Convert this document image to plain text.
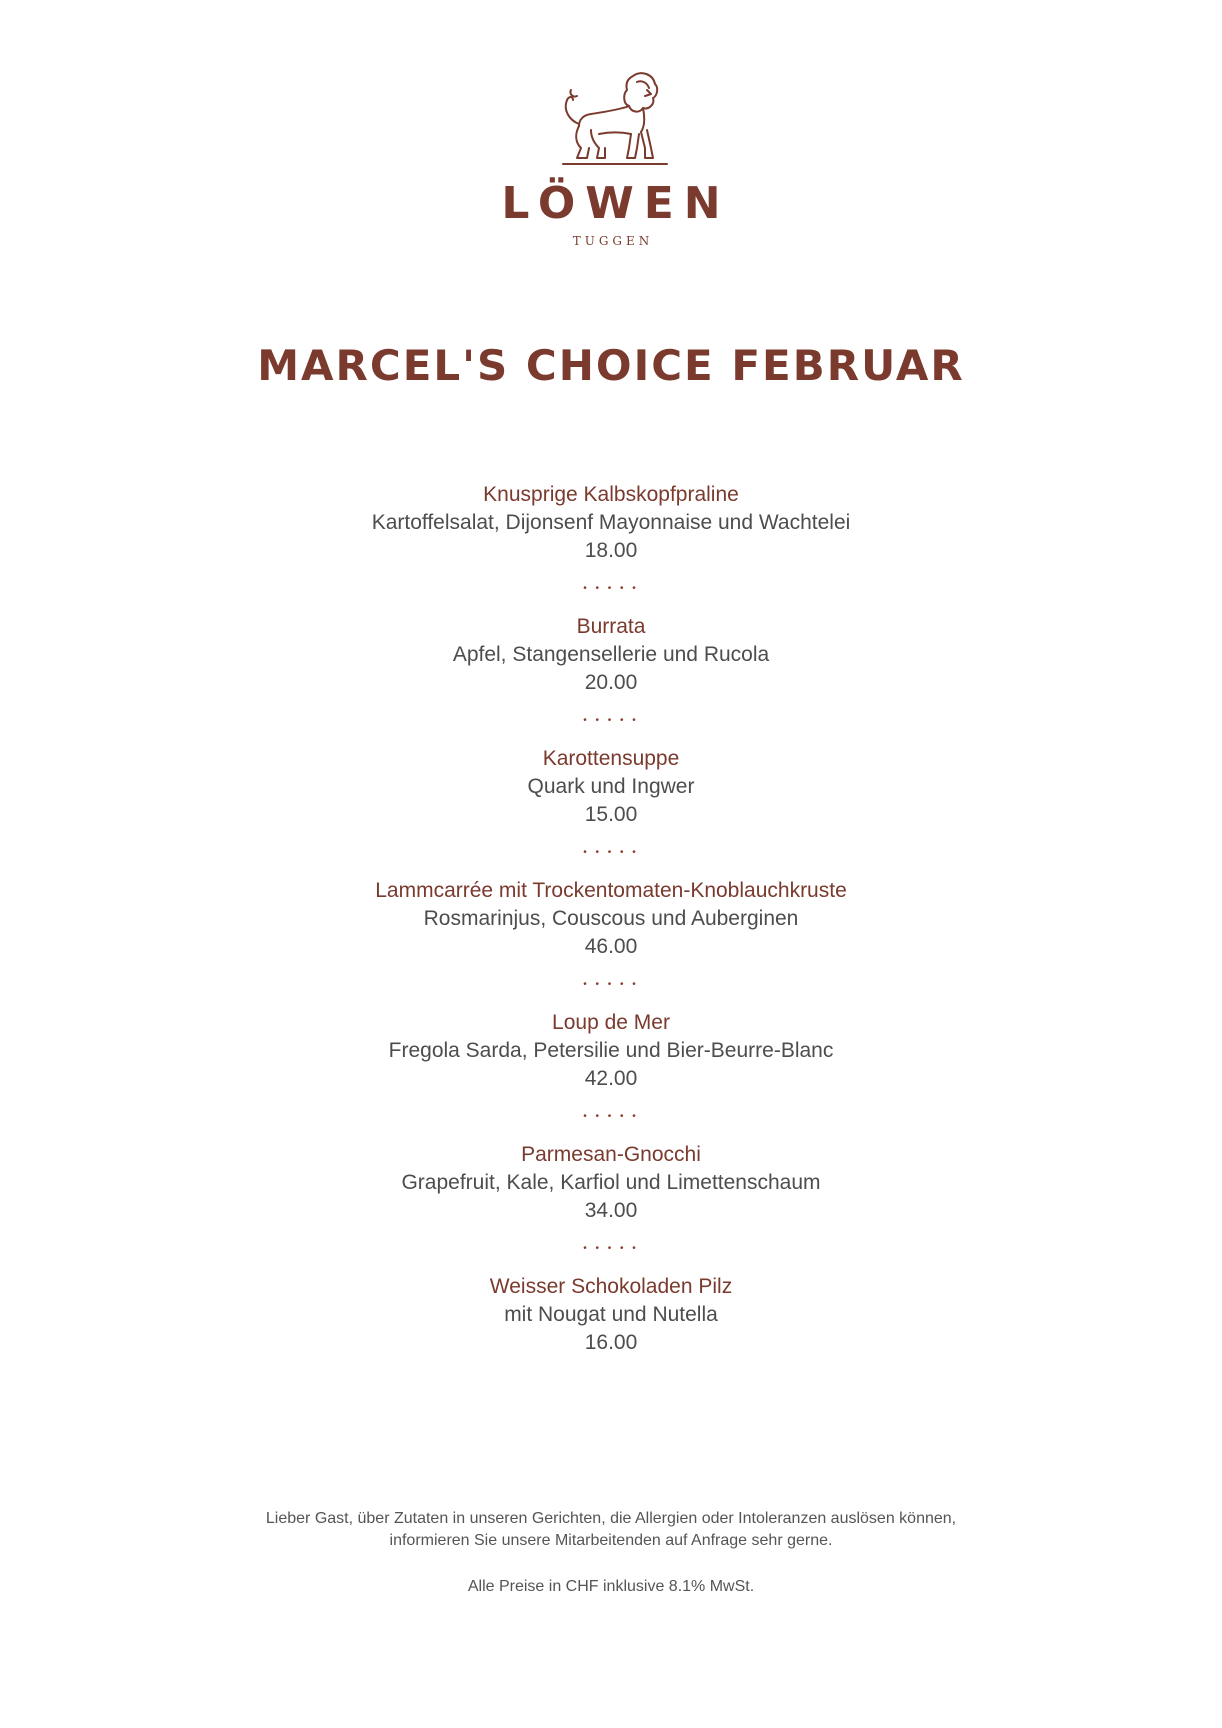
LÖWEN
TUGGEN
MARCEL'S CHOICE FEBRUAR
Knusprige Kalbskopfpraline
Kartoffelsalat, Dijonsenf Mayonnaise und Wachtelei
18.00
• • • • •
Burrata
Apfel, Stangensellerie und Rucola
20.00
• • • • •
Karottensuppe
Quark und Ingwer
15.00
• • • • •
Lammcarrée mit Trockentomaten-Knoblauchkruste
Rosmarinjus, Couscous und Auberginen
46.00
• • • • •
Loup de Mer
Fregola Sarda, Petersilie und Bier-Beurre-Blanc
42.00
• • • • •
Parmesan-Gnocchi
Grapefruit, Kale, Karfiol und Limettenschaum
34.00
• • • • •
Weisser Schokoladen Pilz
mit Nougat und Nutella
16.00
Lieber Gast, über Zutaten in unseren Gerichten, die Allergien oder Intoleranzen auslösen können,
informieren Sie unsere Mitarbeitenden auf Anfrage sehr gerne.
Alle Preise in CHF inklusive 8.1% MwSt.
